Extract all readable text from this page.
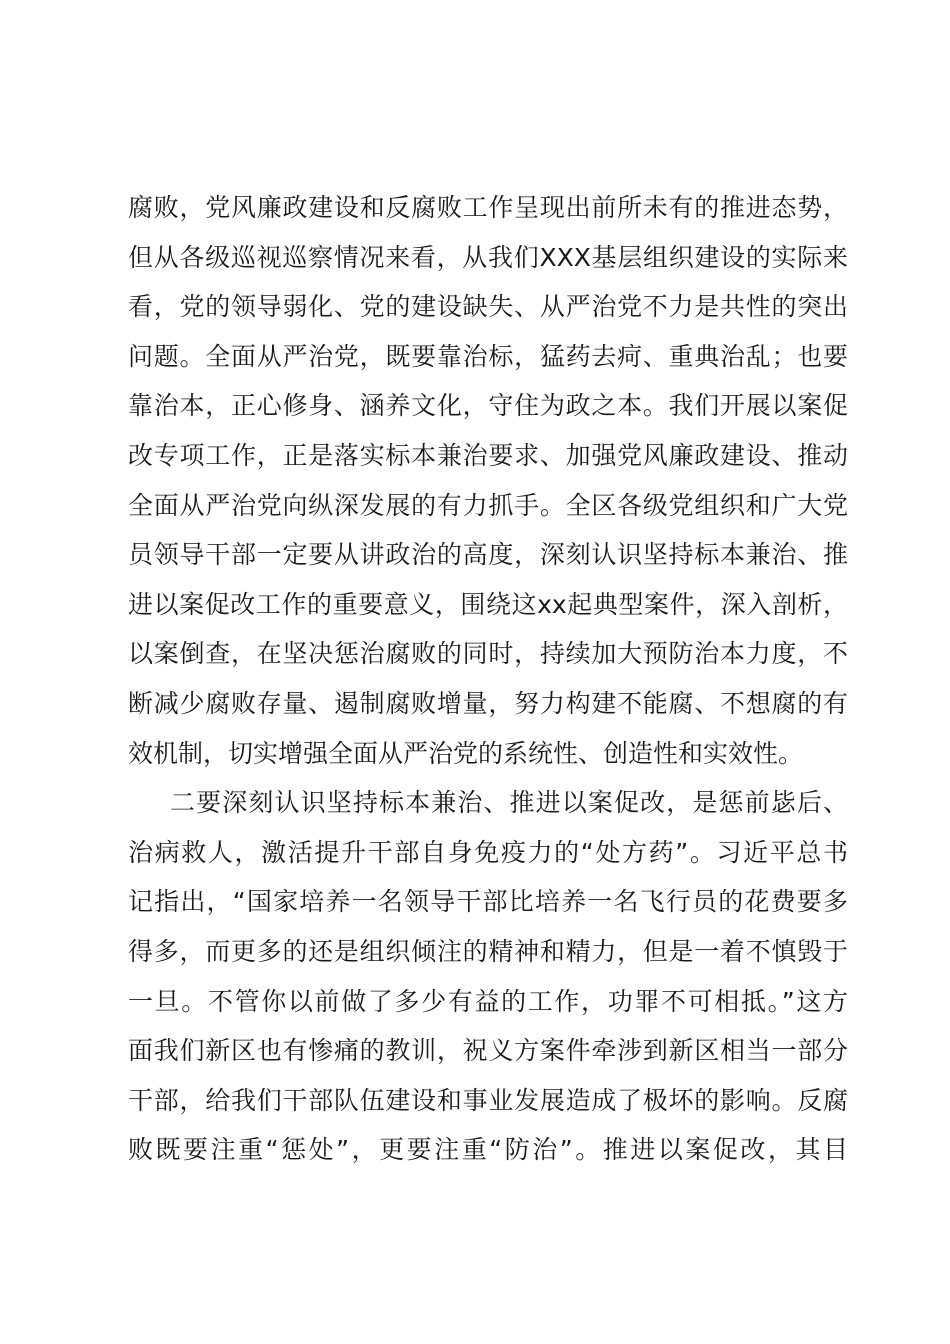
腐败，党风廉政建设和反腐败工作呈现出前所未有的推进态势，
但从各级巡视巡察情况来看，从我们XXX基层组织建设的实际来
看，党的领导弱化、党的建设缺失、从严治党不力是共性的突出
问题。全面从严治党，既要靠治标，猛药去疴、重典治乱；也要
靠治本，正心修身、涵养文化，守住为政之本。我们开展以案促
改专项工作，正是落实标本兼治要求、加强党风廉政建设、推动
全面从严治党向纵深发展的有力抓手。全区各级党组织和广大党
员领导干部一定要从讲政治的高度，深刻认识坚持标本兼治、推
进以案促改工作的重要意义，围绕这xx起典型案件，深入剖析，
以案倒查，在坚决惩治腐败的同时，持续加大预防治本力度，不
断减少腐败存量、遏制腐败增量，努力构建不能腐、不想腐的有
效机制，切实增强全面从严治党的系统性、创造性和实效性。
二要深刻认识坚持标本兼治、推进以案促改，是惩前毖后、
治病救人，激活提升干部自身免疫力的“处方药”。习近平总书
记指出，“国家培养一名领导干部比培养一名飞行员的花费要多
得多，而更多的还是组织倾注的精神和精力，但是一着不慎毁于
一旦。不管你以前做了多少有益的工作，功罪不可相抵。”这方
面我们新区也有惨痛的教训，祝义方案件牵涉到新区相当一部分
干部，给我们干部队伍建设和事业发展造成了极坏的影响。反腐
败既要注重“惩处”，更要注重“防治”。推进以案促改，其目
